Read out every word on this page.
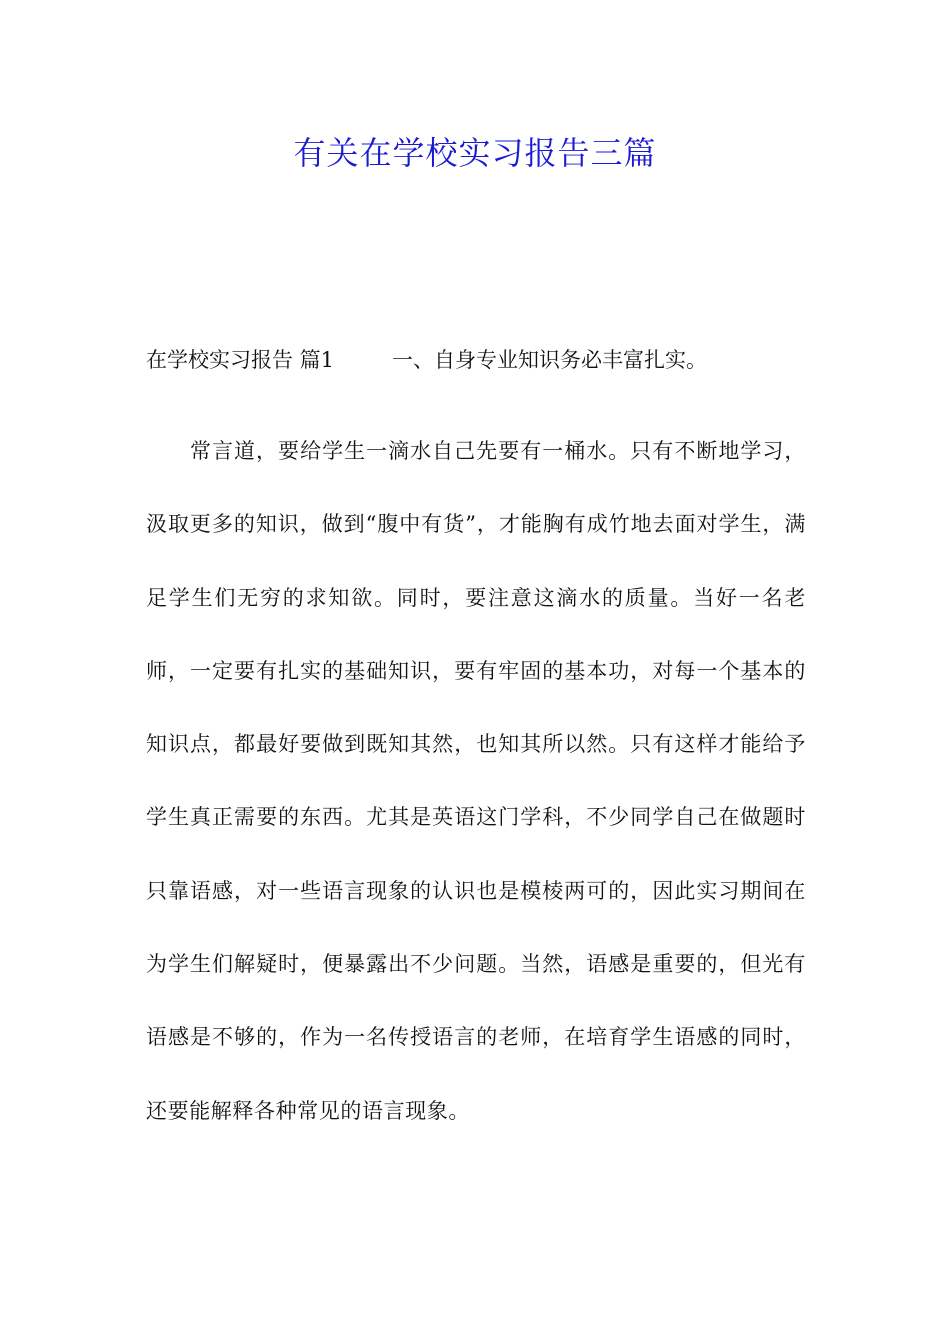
有关在学校实习报告三篇
在学校实习报告 篇1	一、自身专业知识务必丰富扎实。
常言道，要给学生一滴水自己先要有一桶水。只有不断地学习，汲取更多的知识，做到“腹中有货”，才能胸有成竹地去面对学生，满足学生们无穷的求知欲。同时，要注意这滴水的质量。当好一名老师，一定要有扎实的基础知识，要有牢固的基本功，对每一个基本的知识点，都最好要做到既知其然，也知其所以然。只有这样才能给予学生真正需要的东西。尤其是英语这门学科，不少同学自己在做题时只靠语感，对一些语言现象的认识也是模棱两可的，因此实习期间在为学生们解疑时，便暴露出不少问题。当然，语感是重要的，但光有语感是不够的，作为一名传授语言的老师，在培育学生语感的同时，还要能解释各种常见的语言现象。
